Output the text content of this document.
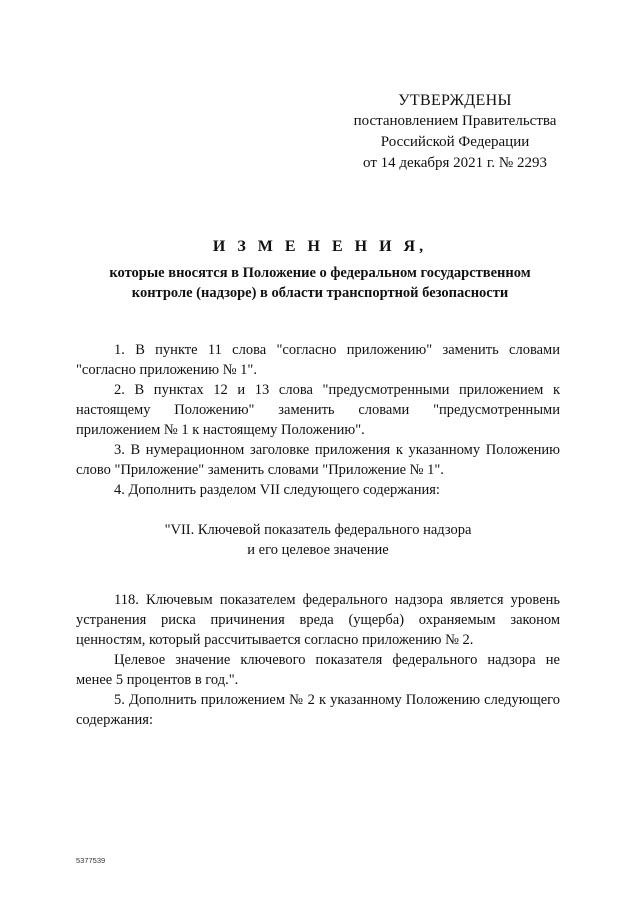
УТВЕРЖДЕНЫ
постановлением Правительства
Российской Федерации
от 14 декабря 2021 г. № 2293
И З М Е Н Е Н И Я,
которые вносятся в Положение о федеральном государственном контроле (надзоре) в области транспортной безопасности

1. В пункте 11 слова "согласно приложению" заменить словами "согласно приложению № 1".

2. В пунктах 12 и 13 слова "предусмотренными приложением к настоящему Положению" заменить словами "предусмотренными приложением № 1 к настоящему Положению".

3. В нумерационном заголовке приложения к указанному Положению слово "Приложение" заменить словами "Приложение № 1".

4. Дополнить разделом VII следующего содержания:

"VII. Ключевой показатель федерального надзора
и его целевое значение

118. Ключевым показателем федерального надзора является уровень устранения риска причинения вреда (ущерба) охраняемым законом ценностям, который рассчитывается согласно приложению № 2.

Целевое значение ключевого показателя федерального надзора не менее 5 процентов в год.".

5. Дополнить приложением № 2 к указанному Положению следующего содержания:

5377539
